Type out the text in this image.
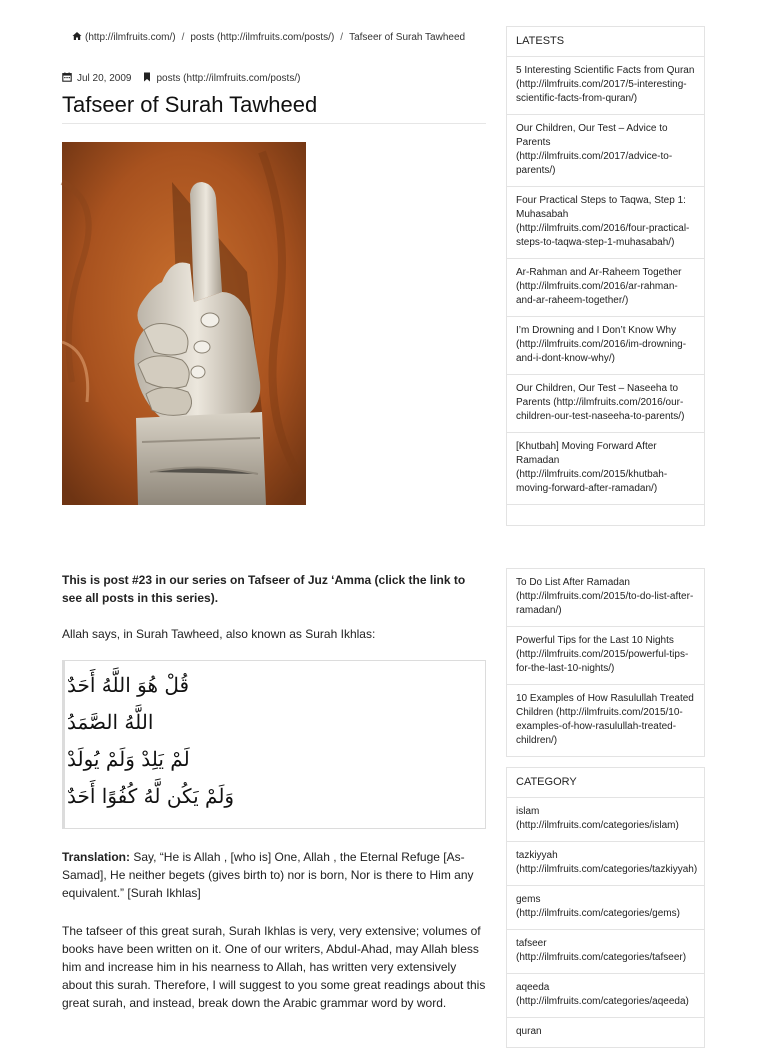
(http://ilmfruits.com/) / posts (http://ilmfruits.com/posts/) / Tafseer of Surah Tawheed
Jul 20, 2009	posts (http://ilmfruits.com/posts/)
Tafseer of Surah Tawheed

This is post #23 in our series on Tafseer of Juz ‘Amma (click the link to see all posts in this series).

Allah says, in Surah Tawheed, also known as Surah Ikhlas:

قُلْ هُوَ اللَّهُ أَحَدٌ
اللَّهُ الصَّمَدُ
لَمْ يَلِدْ وَلَمْ يُولَدْ
وَلَمْ يَكُن لَّهُ كُفُوًا أَحَدٌ

Translation: Say, “He is Allah , [who is] One, Allah , the Eternal Refuge [As-Samad], He neither begets (gives birth to) nor is born, Nor is there to Him any equivalent.” [Surah Ikhlas]

The tafseer of this great surah, Surah Ikhlas is very, very extensive; volumes of books have been written on it. One of our writers, Abdul-Ahad, may Allah bless him and increase him in his nearness to Allah, has written very extensively about this surah. Therefore, I will suggest to you some great readings about this great surah, and instead, break down the Arabic grammar word by word.

LATESTS
5 Interesting Scientific Facts from Quran (http://ilmfruits.com/2017/5-interesting-scientific-facts-from-quran/)
Our Children, Our Test – Advice to Parents (http://ilmfruits.com/2017/advice-to-parents/)
Four Practical Steps to Taqwa, Step 1: Muhasabah (http://ilmfruits.com/2016/four-practical-steps-to-taqwa-step-1-muhasabah/)
Ar-Rahman and Ar-Raheem Together (http://ilmfruits.com/2016/ar-rahman-and-ar-raheem-together/)
I’m Drowning and I Don’t Know Why (http://ilmfruits.com/2016/im-drowning-and-i-dont-know-why/)
Our Children, Our Test – Naseeha to Parents (http://ilmfruits.com/2016/our-children-our-test-naseeha-to-parents/)
[Khutbah] Moving Forward After Ramadan (http://ilmfruits.com/2015/khutbah-moving-forward-after-ramadan/)
To Do List After Ramadan (http://ilmfruits.com/2015/to-do-list-after-ramadan/)
Powerful Tips for the Last 10 Nights (http://ilmfruits.com/2015/powerful-tips-for-the-last-10-nights/)
10 Examples of How Rasulullah Treated Children (http://ilmfruits.com/2015/10-examples-of-how-rasulullah-treated-children/)
CATEGORY
islam (http://ilmfruits.com/categories/islam)
tazkiyyah (http://ilmfruits.com/categories/tazkiyyah)
gems (http://ilmfruits.com/categories/gems)
tafseer (http://ilmfruits.com/categories/tafseer)
aqeeda (http://ilmfruits.com/categories/aqeeda)
quran
